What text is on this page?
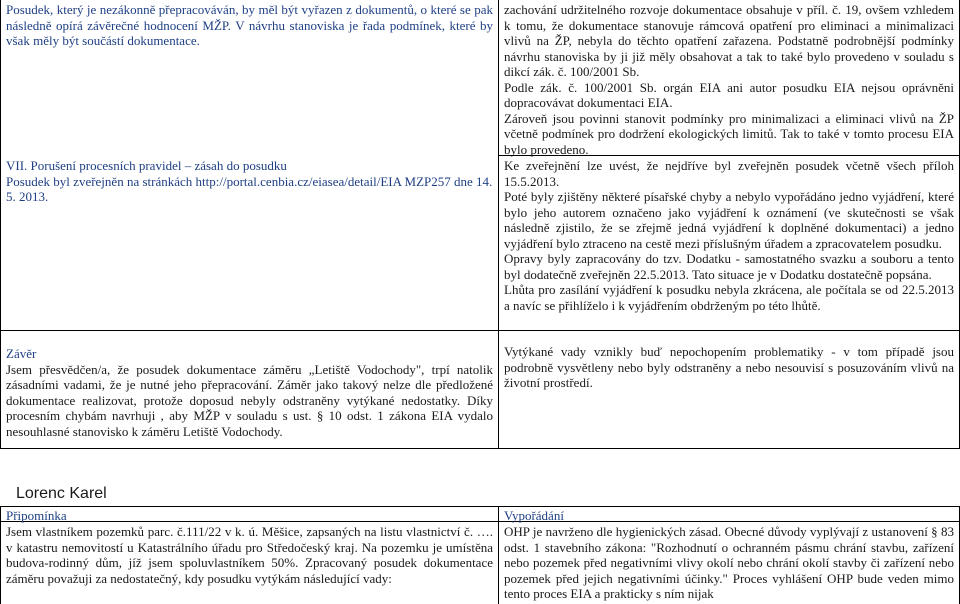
Posudek, který je nezákonně přepracováván, by měl být vyřazen z dokumentů, o které se pak následně opírá závěrečné hodnocení MŽP. V návrhu stanoviska je řada podmínek, které by však měly být součástí dokumentace.

VII. Porušení procesních pravidel – zásah do posudku

Posudek byl zveřejněn na stránkách http://portal.cenbia.cz/eiasea/detail/EIA MZP257 dne 14. 5. 2013.

Závěr

Jsem přesvědčen/a, že posudek dokumentace záměru „Letiště Vodochody", trpí natolik zásadními vadami, že je nutné jeho přepracování. Záměr jako takový nelze dle předložené dokumentace realizovat, protože doposud nebyly odstraněny vytýkané nedostatky. Díky procesním chybám navrhuji , aby MŽP v souladu s ust. § 10 odst. 1 zákona EIA vydalo nesouhlasné stanovisko k záměru Letiště Vodochody.

zachování udržitelného rozvoje dokumentace obsahuje v příl. č. 19, ovšem vzhledem k tomu, že dokumentace stanovuje rámcová opatření pro eliminaci a minimalizaci vlivů na ŽP, nebyla do těchto opatření zařazena. Podstatně podrobnější podmínky návrhu stanoviska by ji již měly obsahovat a tak to také bylo provedeno v souladu s dikcí zák. č. 100/2001 Sb.

Podle zák. č. 100/2001 Sb. orgán EIA ani autor posudku EIA nejsou oprávněni dopracovávat dokumentaci EIA.

Zároveň jsou povinni stanovit podmínky pro minimalizaci a eliminaci vlivů na ŽP včetně podmínek pro dodržení ekologických limitů. Tak to také v tomto procesu EIA bylo provedeno.

Ke zveřejnění lze uvést, že nejdříve byl zveřejněn posudek včetně všech příloh 15.5.2013.

Poté byly zjištěny některé písařské chyby a nebylo vypořádáno jedno vyjádření, které bylo jeho autorem označeno jako vyjádření k oznámení (ve skutečnosti se však následně zjistilo, že se zřejmě jedná vyjádření k doplněné dokumentaci) a jedno vyjádření bylo ztraceno na cestě mezi příslušným úřadem a zpracovatelem posudku.

Opravy byly zapracovány do tzv. Dodatku - samostatného svazku a souboru a tento byl dodatečně zveřejněn 22.5.2013. Tato situace je v Dodatku dostatečně popsána.

Lhůta pro zasílání vyjádření k posudku nebyla zkrácena, ale počítala se od 22.5.2013 a navíc se přihlíželo i k vyjádřením obdrženým po této lhůtě.

Vytýkané vady vznikly buď nepochopením problematiky - v tom případě jsou podrobně vysvětleny nebo byly odstraněny a nebo nesouvisí s posuzováním vlivů na životní prostředí.

Lorenc Karel

Připomínka	Vypořádání

Jsem vlastníkem pozemků parc. č.111/22 v k. ú. Měšice, zapsaných na listu vlastnictví č. …. v katastru nemovitostí u Katastrálního úřadu pro Středočeský kraj. Na pozemku je umístěna budova-rodinný dům, jíž jsem spoluvlastníkem 50%. Zpracovaný posudek dokumentace záměru považuji za nedostatečný, kdy posudku vytýkám následující vady:

OHP je navrženo dle hygienických zásad. Obecné důvody vyplývají z ustanovení § 83 odst. 1 stavebního zákona: "Rozhodnutí o ochranném pásmu chrání stavbu, zařízení nebo pozemek před negativními vlivy okolí nebo chrání okolí stavby či zařízení nebo pozemek před jejich negativními účinky." Proces vyhlášení OHP bude veden mimo tento proces EIA a prakticky s ním nijak
